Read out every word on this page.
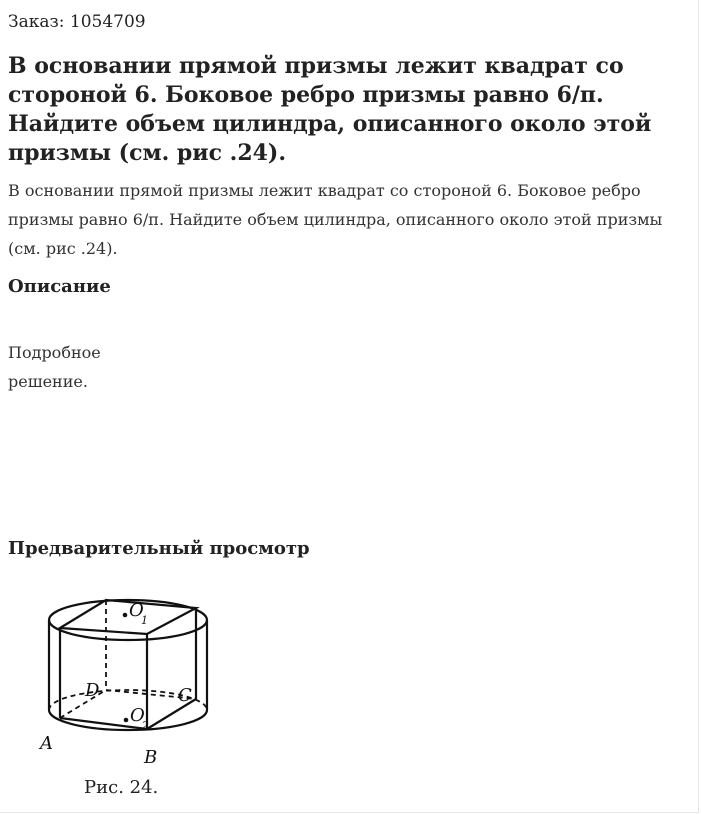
Заказ: 1054709
В основании прямой призмы лежит квадрат со стороной 6. Боковое ребро призмы равно 6/п. Найдите объем цилиндра, описанного около этой призмы (см. рис .24).
В основании прямой призмы лежит квадрат со стороной 6. Боковое ребро призмы равно 6/п. Найдите объем цилиндра, описанного около этой призмы (см. рис .24).
Описание
Подробное
решение.
Предварительный просмотр
O
1
O
2
A
B
C
D
Рис. 24.
